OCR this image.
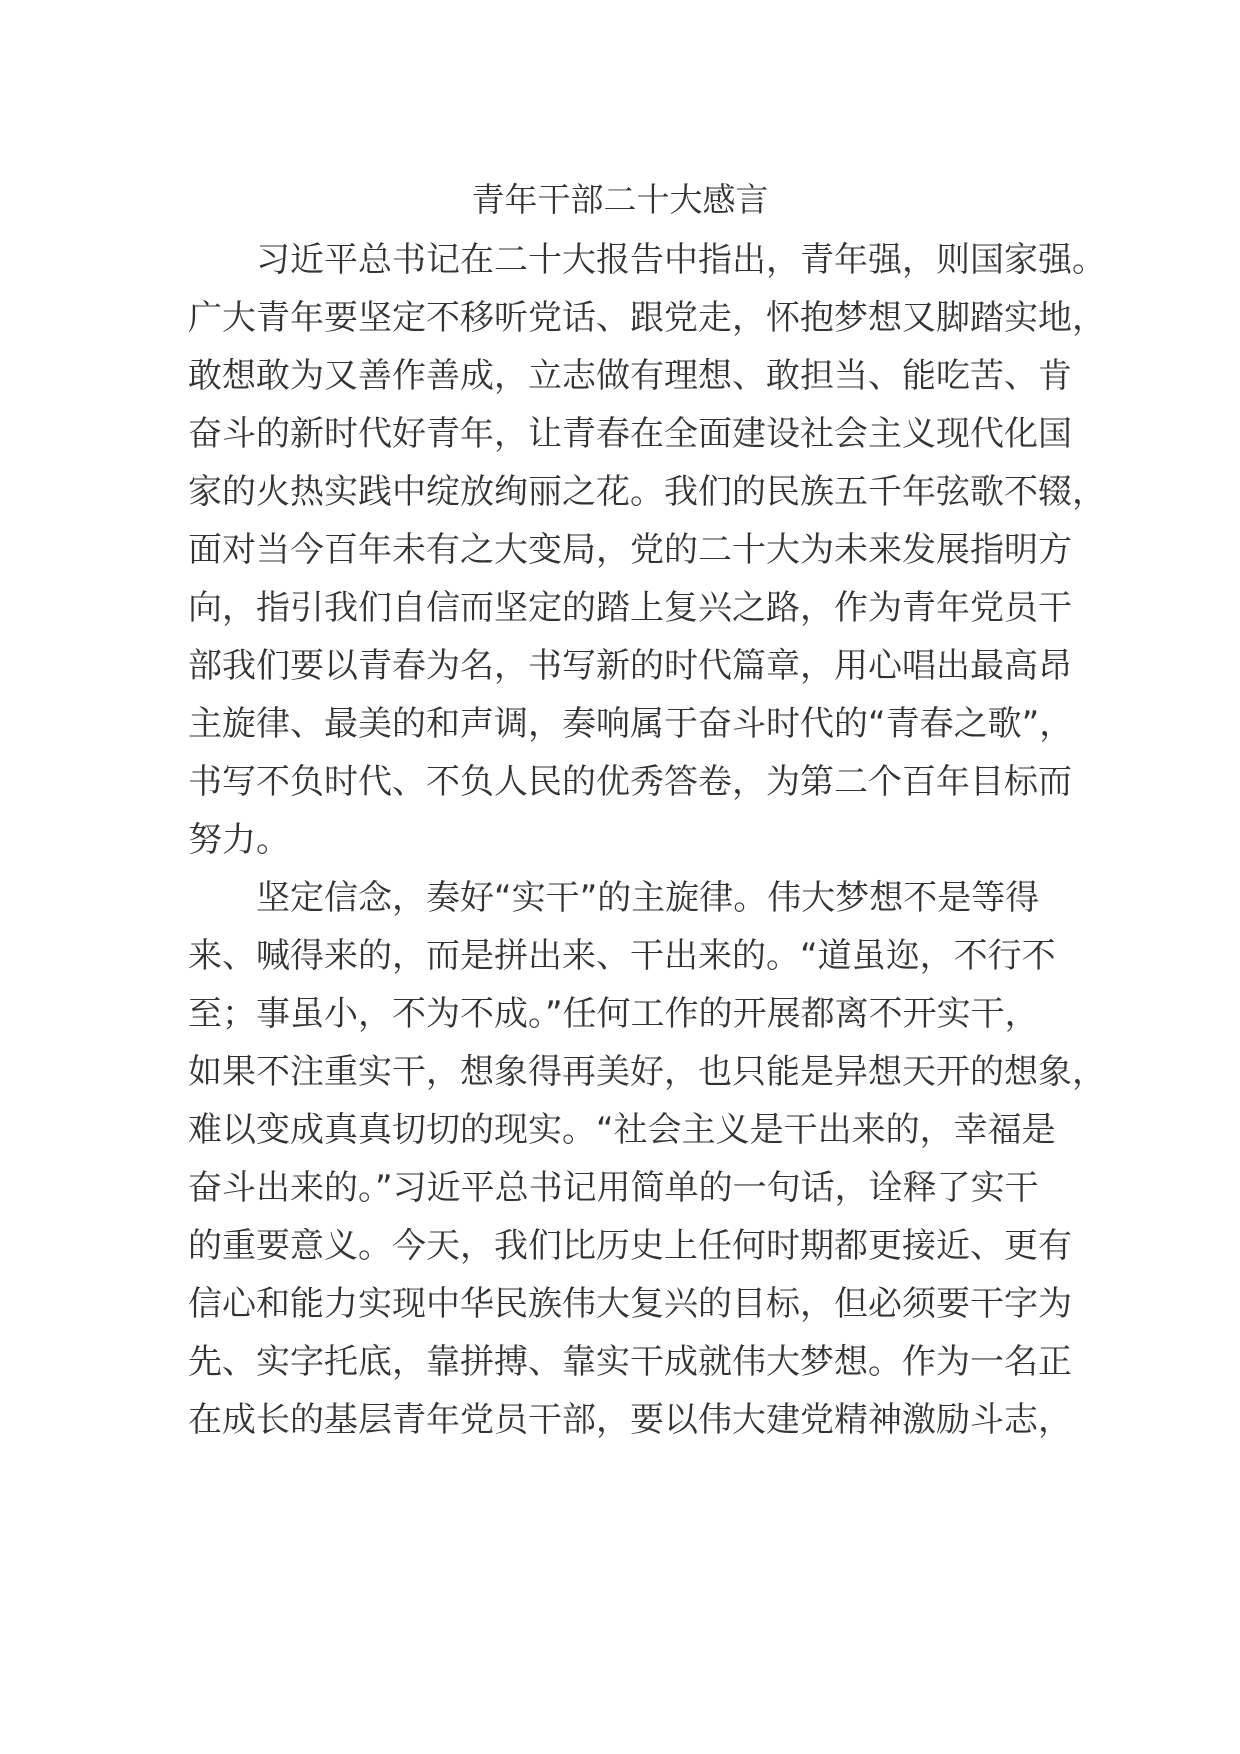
青年干部二十大感言
　　习近平总书记在二十大报告中指出，青年强，则国家强。
广大青年要坚定不移听党话、跟党走，怀抱梦想又脚踏实地，
敢想敢为又善作善成，立志做有理想、敢担当、能吃苦、肯
奋斗的新时代好青年，让青春在全面建设社会主义现代化国
家的火热实践中绽放绚丽之花。我们的民族五千年弦歌不辍，
面对当今百年未有之大变局，党的二十大为未来发展指明方
向，指引我们自信而坚定的踏上复兴之路，作为青年党员干
部我们要以青春为名，书写新的时代篇章，用心唱出最高昂
主旋律、最美的和声调，奏响属于奋斗时代的“青春之歌”，
书写不负时代、不负人民的优秀答卷，为第二个百年目标而
努力。
　　坚定信念，奏好“实干”的主旋律。伟大梦想不是等得
来、喊得来的，而是拼出来、干出来的。“道虽迩，不行不
至；事虽小，不为不成。”任何工作的开展都离不开实干，
如果不注重实干，想象得再美好，也只能是异想天开的想象，
难以变成真真切切的现实。“社会主义是干出来的，幸福是
奋斗出来的。”习近平总书记用简单的一句话，诠释了实干
的重要意义。今天，我们比历史上任何时期都更接近、更有
信心和能力实现中华民族伟大复兴的目标，但必须要干字为
先、实字托底，靠拼搏、靠实干成就伟大梦想。作为一名正
在成长的基层青年党员干部，要以伟大建党精神激励斗志，
